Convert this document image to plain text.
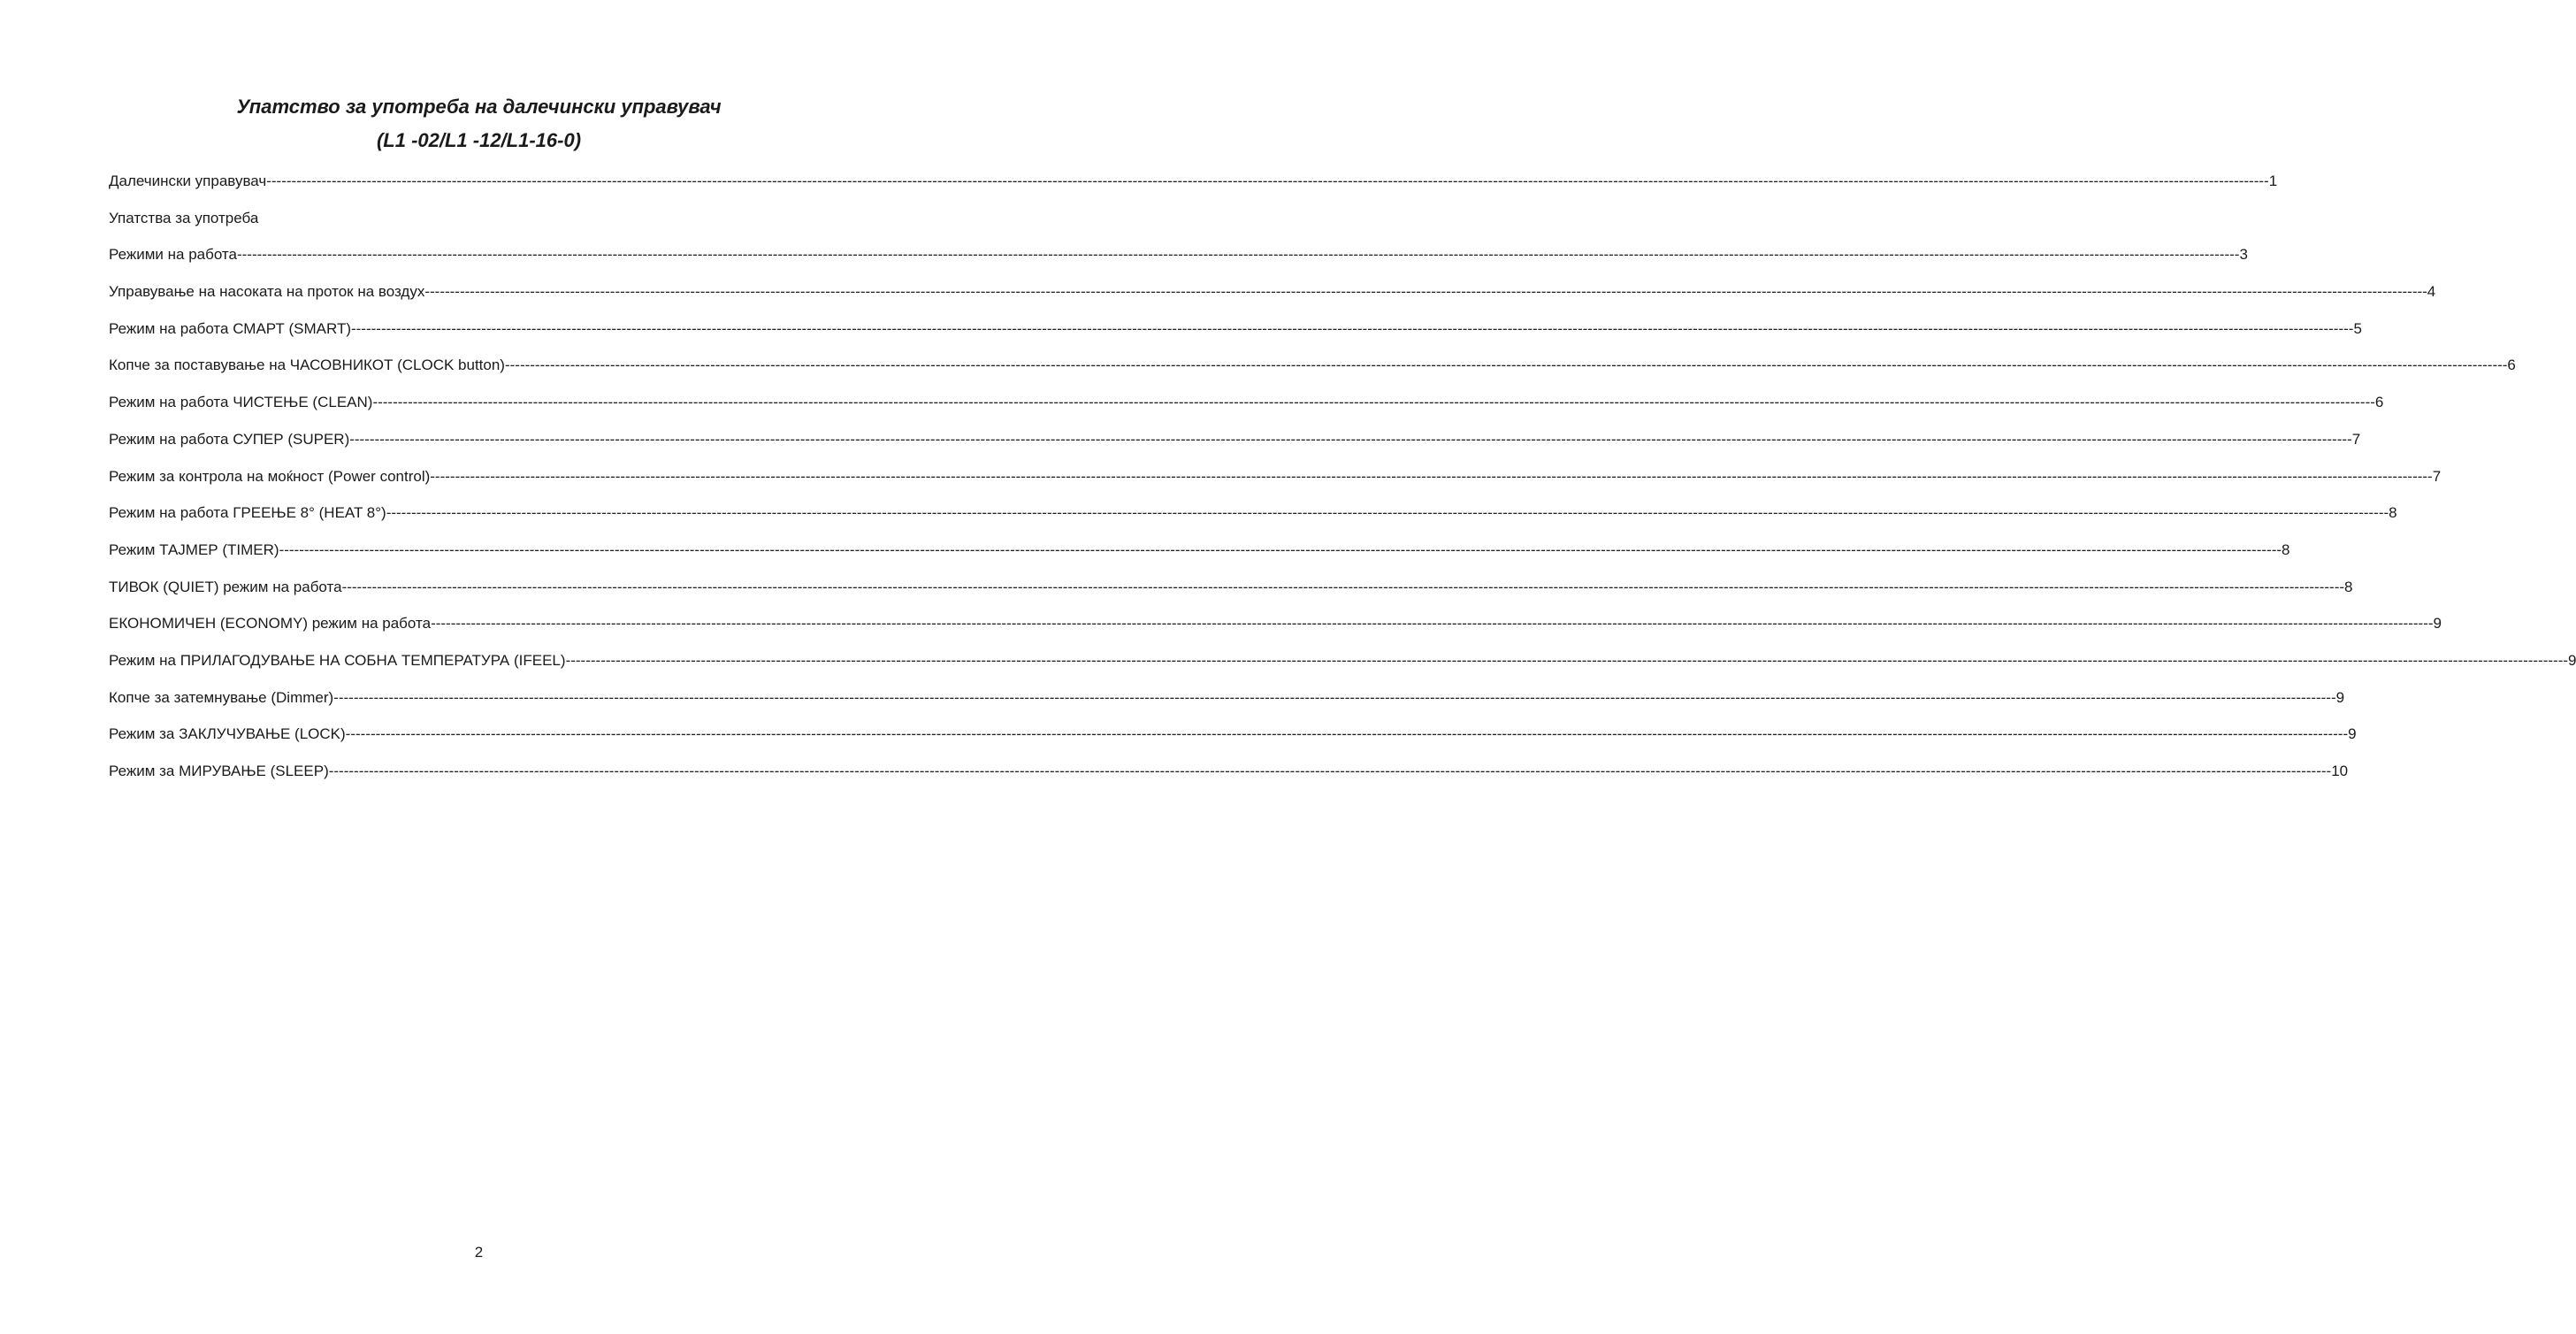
Упатство за употреба на далечински управувач
(L1 -02/L1 -12/L1-16-0)
Далечински управувач ---------------------------------------------------------------------------------------------------------------------------------------------------------------------------------------------------------------------------------------------------------------------------------------------------------------------------------------------------------------------------------------------------------------- 1
Упатства за употреба
Режими на работа ---------------------------------------------------------------------------------------------------------------------------------------------------------------------------------------------------------------------------------------------------------------------------------------------------------------------------------------------------------------------------------------------------------------- 3
Управување на насоката на проток на воздух ---------------------------------------------------------------------------------------------------------------------------------------------------------------------------------------------------------------------------------------------------------------------------------------------------------------------------------------------------------------------------------------------------------------- 4
Режим на работа СМАРТ (SMART) ---------------------------------------------------------------------------------------------------------------------------------------------------------------------------------------------------------------------------------------------------------------------------------------------------------------------------------------------------------------------------------------------------------------- 5
Копче за поставување на ЧАСОВНИКОТ (CLOCK button) ---------------------------------------------------------------------------------------------------------------------------------------------------------------------------------------------------------------------------------------------------------------------------------------------------------------------------------------------------------------------------------------------------------------- 6
Режим на работа ЧИСТЕЊЕ (CLEAN) ---------------------------------------------------------------------------------------------------------------------------------------------------------------------------------------------------------------------------------------------------------------------------------------------------------------------------------------------------------------------------------------------------------------- 6
Режим на работа СУПЕР (SUPER) ---------------------------------------------------------------------------------------------------------------------------------------------------------------------------------------------------------------------------------------------------------------------------------------------------------------------------------------------------------------------------------------------------------------- 7
Режим за контрола на моќност (Power control) ---------------------------------------------------------------------------------------------------------------------------------------------------------------------------------------------------------------------------------------------------------------------------------------------------------------------------------------------------------------------------------------------------------------- 7
Режим на работа ГРЕЕЊЕ 8° (HEAT 8°) ---------------------------------------------------------------------------------------------------------------------------------------------------------------------------------------------------------------------------------------------------------------------------------------------------------------------------------------------------------------------------------------------------------------- 8
Режим ТАЈМЕР (TIMER) ---------------------------------------------------------------------------------------------------------------------------------------------------------------------------------------------------------------------------------------------------------------------------------------------------------------------------------------------------------------------------------------------------------------- 8
ТИВОК (QUIET) режим на работа ---------------------------------------------------------------------------------------------------------------------------------------------------------------------------------------------------------------------------------------------------------------------------------------------------------------------------------------------------------------------------------------------------------------- 8
ЕКОНОМИЧЕН (ECONOMY) режим на работа ---------------------------------------------------------------------------------------------------------------------------------------------------------------------------------------------------------------------------------------------------------------------------------------------------------------------------------------------------------------------------------------------------------------- 9
Режим на ПРИЛАГОДУВАЊЕ НА СОБНА ТЕМПЕРАТУРА (IFEEL) ---------------------------------------------------------------------------------------------------------------------------------------------------------------------------------------------------------------------------------------------------------------------------------------------------------------------------------------------------------------------------------------------------------------- 9
Копче за затемнување (Dimmer) ---------------------------------------------------------------------------------------------------------------------------------------------------------------------------------------------------------------------------------------------------------------------------------------------------------------------------------------------------------------------------------------------------------------- 9
Режим за ЗАКЛУЧУВАЊЕ (LOCK) ---------------------------------------------------------------------------------------------------------------------------------------------------------------------------------------------------------------------------------------------------------------------------------------------------------------------------------------------------------------------------------------------------------------- 9
Режим за МИРУВАЊЕ (SLEEP) ---------------------------------------------------------------------------------------------------------------------------------------------------------------------------------------------------------------------------------------------------------------------------------------------------------------------------------------------------------------------------------------------------------------- 10
2
